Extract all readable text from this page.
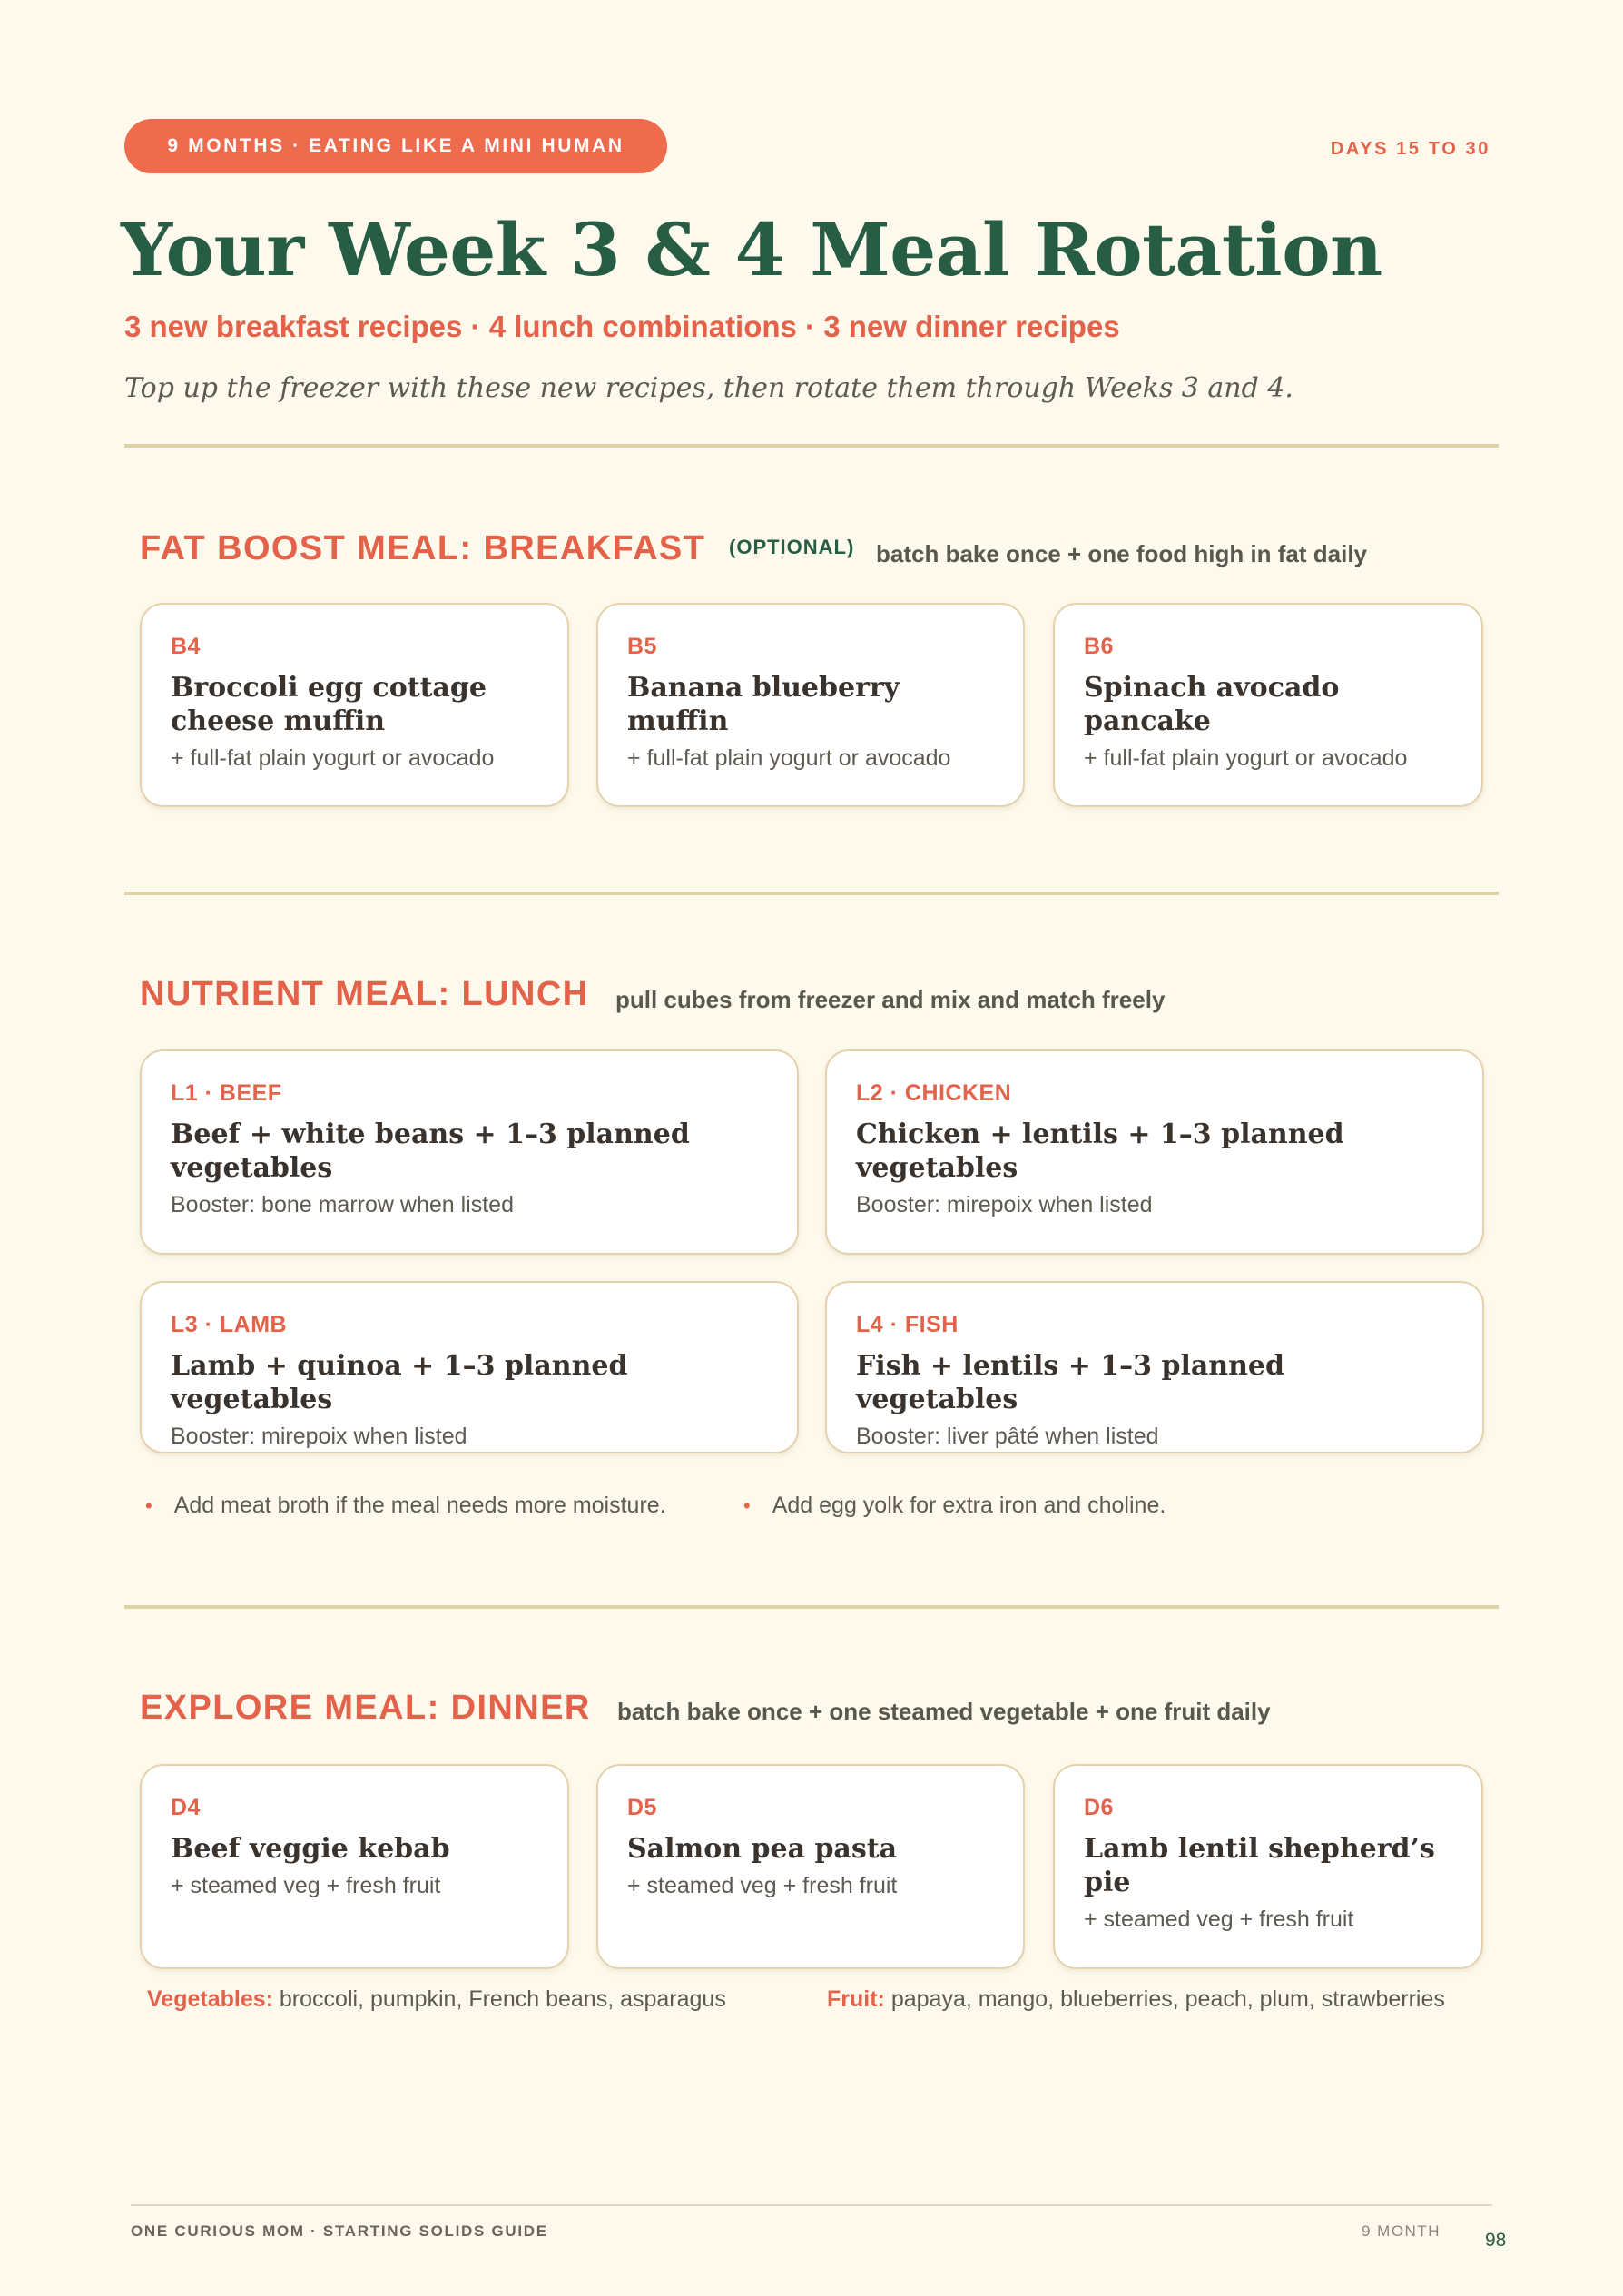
9 MONTHS · EATING LIKE A MINI HUMAN	DAYS 15 TO 30
Your Week 3 & 4 Meal Rotation
3 new breakfast recipes · 4 lunch combinations · 3 new dinner recipes
Top up the freezer with these new recipes, then rotate them through Weeks 3 and 4.
FAT BOOST MEAL: BREAKFAST (OPTIONAL) batch bake once + one food high in fat daily
B4
Broccoli egg cottage cheese muffin
+ full-fat plain yogurt or avocado
B5
Banana blueberry muffin
+ full-fat plain yogurt or avocado
B6
Spinach avocado pancake
+ full-fat plain yogurt or avocado
NUTRIENT MEAL: LUNCH pull cubes from freezer and mix and match freely
L1 · BEEF
Beef + white beans + 1–3 planned vegetables
Booster: bone marrow when listed
L2 · CHICKEN
Chicken + lentils + 1–3 planned vegetables
Booster: mirepoix when listed
L3 · LAMB
Lamb + quinoa + 1–3 planned vegetables
Booster: mirepoix when listed
L4 · FISH
Fish + lentils + 1–3 planned vegetables
Booster: liver pâté when listed
• Add meat broth if the meal needs more moisture.	• Add egg yolk for extra iron and choline.
EXPLORE MEAL: DINNER batch bake once + one steamed vegetable + one fruit daily
D4
Beef veggie kebab
+ steamed veg + fresh fruit
D5
Salmon pea pasta
+ steamed veg + fresh fruit
D6
Lamb lentil shepherd’s pie
+ steamed veg + fresh fruit
Vegetables: broccoli, pumpkin, French beans, asparagus	Fruit: papaya, mango, blueberries, peach, plum, strawberries
ONE CURIOUS MOM · STARTING SOLIDS GUIDE	9 MONTH 98
